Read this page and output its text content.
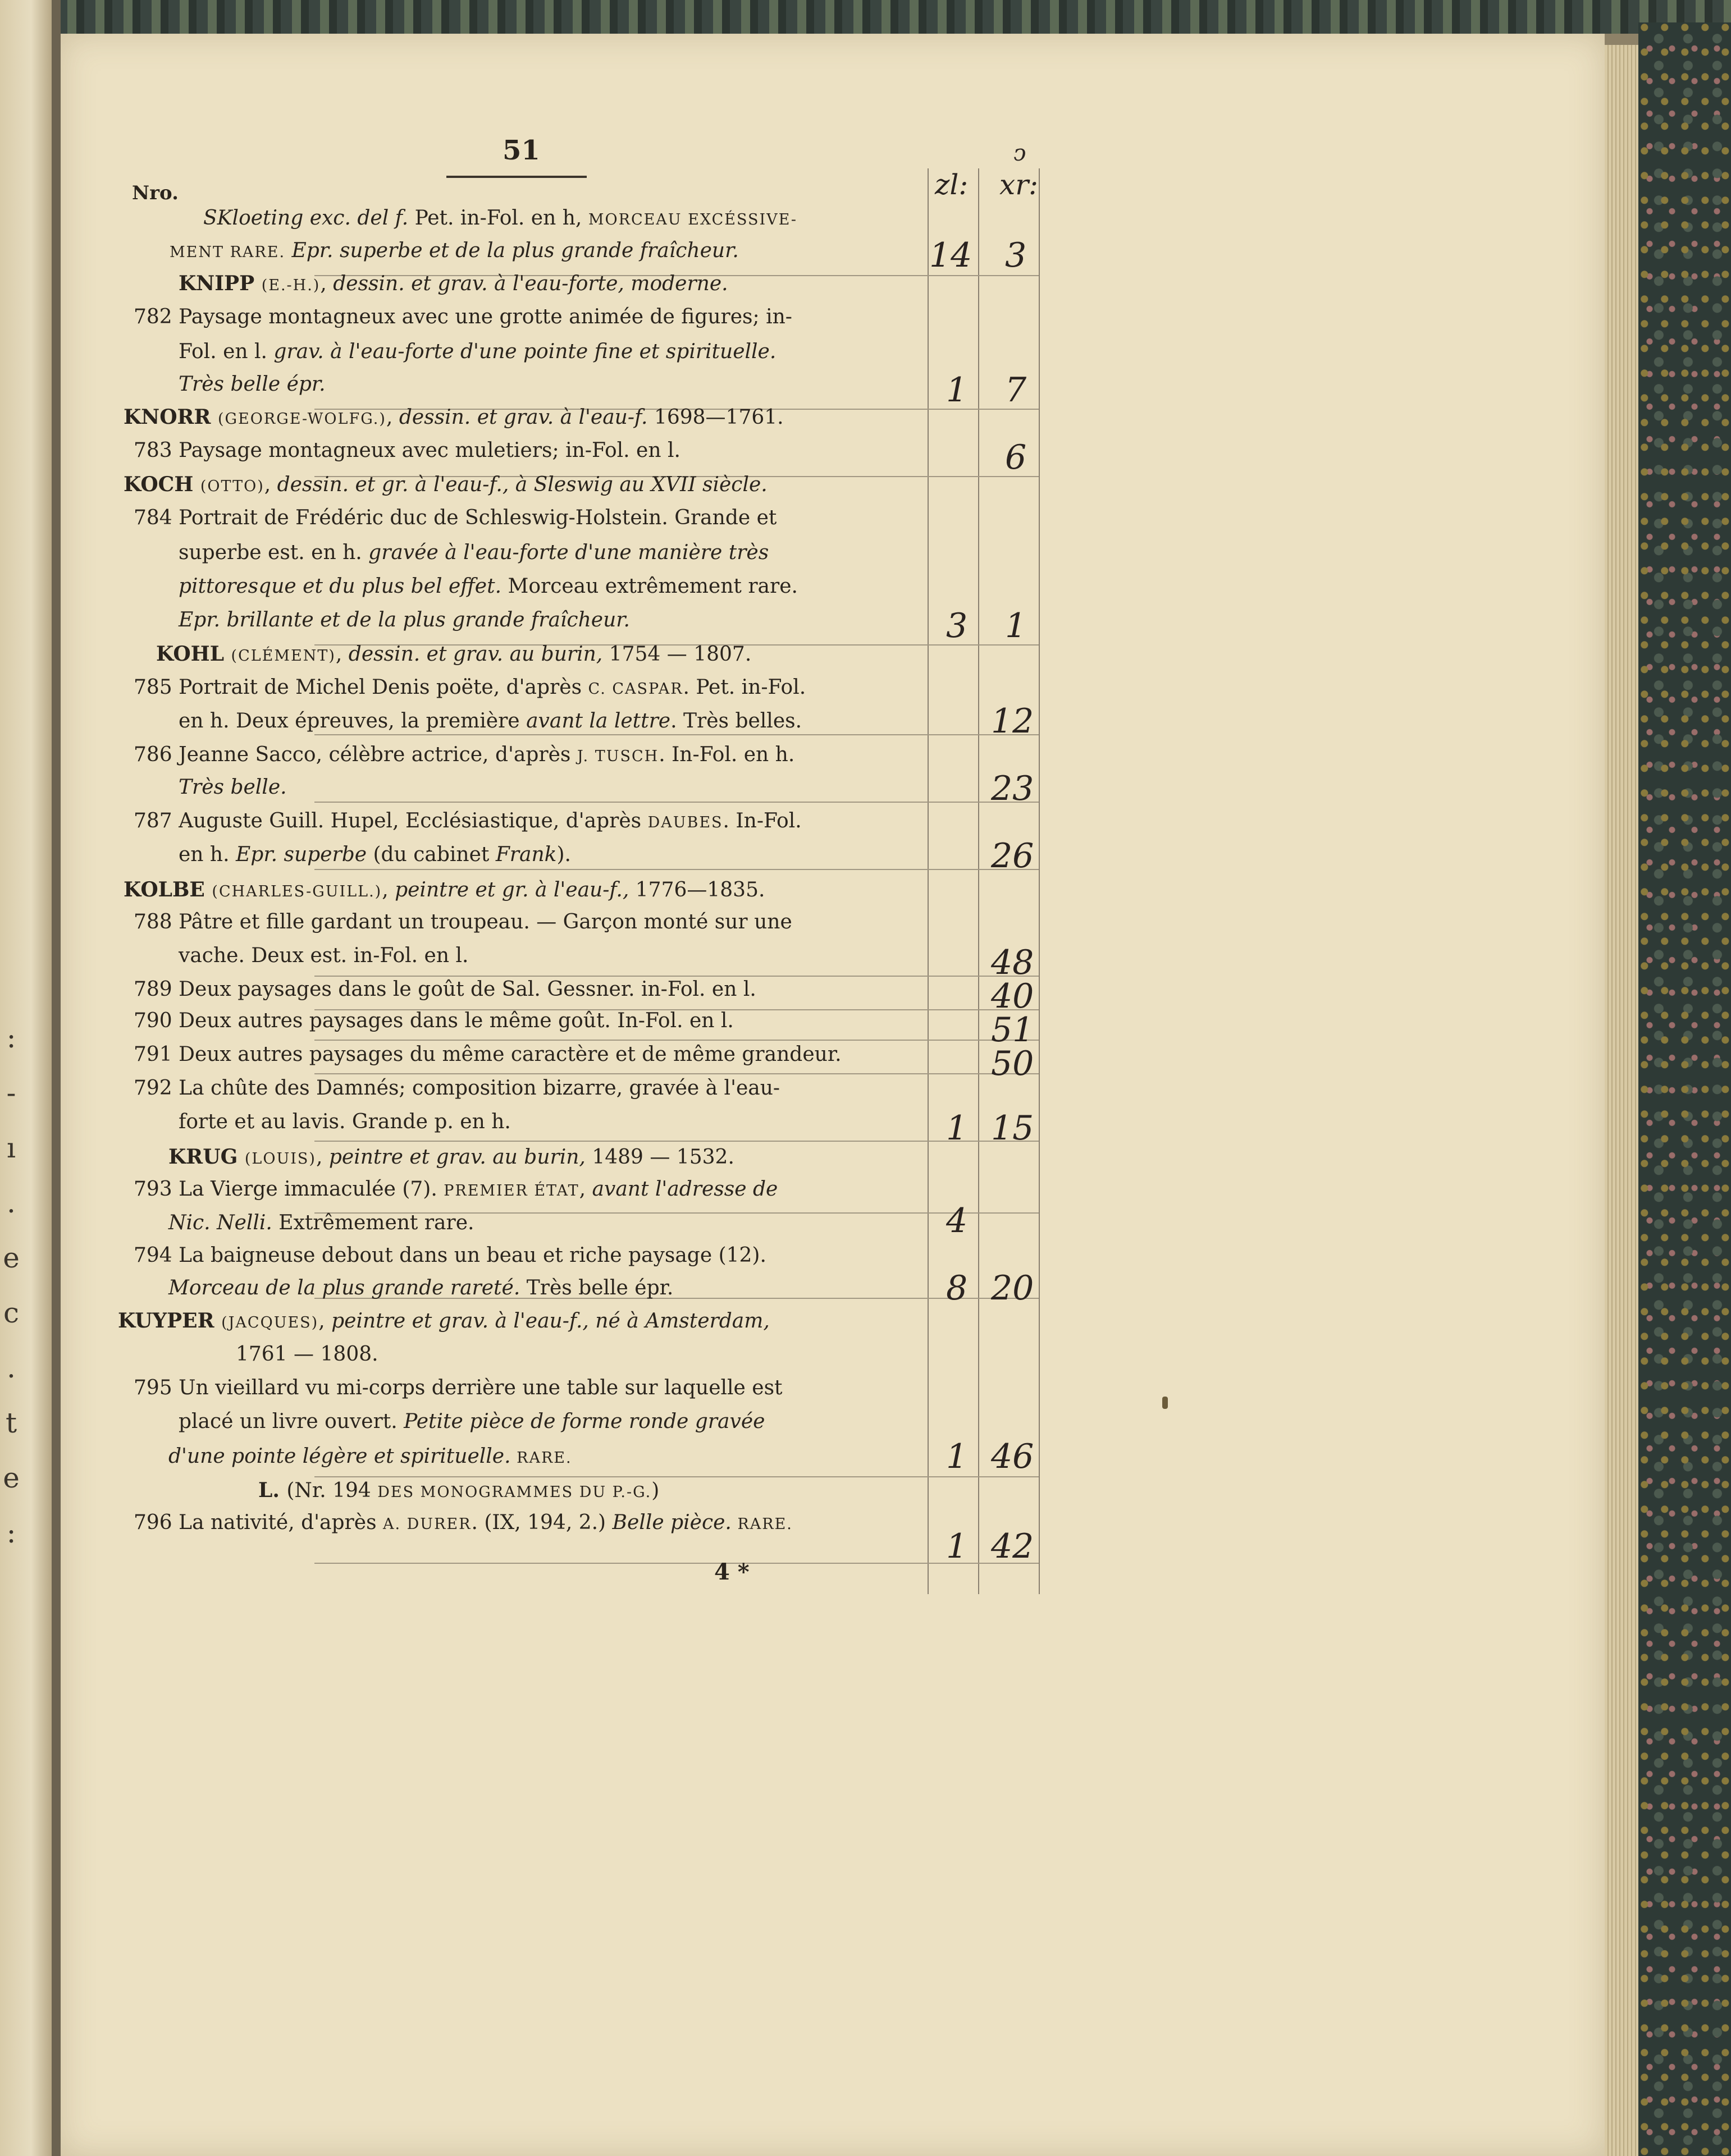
:
-
ı
.
e
c
.
t
e
:
51
Nro.	zl: xr:
ͻ
SKloeting exc. del f. Pet. in-Fol. en h, MORCEAU EXCÉSSIVE-
MENT RARE. Epr. superbe et de la plus grande fraîcheur.
KNIPP (E.-H.), dessin. et grav. à l'eau-forte, moderne.
782 Paysage montagneux avec une grotte animée de figures; in-
Fol. en l. grav. à l'eau-forte d'une pointe fine et spirituelle.
Très belle épr.
KNORR (GEORGE-WOLFG.), dessin. et grav. à l'eau-f. 1698—1761.
783 Paysage montagneux avec muletiers; in-Fol. en l.
KOCH (OTTO), dessin. et gr. à l'eau-f., à Sleswig au XVII siècle.
784 Portrait de Frédéric duc de Schleswig-Holstein. Grande et
superbe est. en h. gravée à l'eau-forte d'une manière très
pittoresque et du plus bel effet. Morceau extrêmement rare.
Epr. brillante et de la plus grande fraîcheur.
KOHL (CLÉMENT), dessin. et grav. au burin, 1754 — 1807.
785 Portrait de Michel Denis poëte, d'après C. CASPAR. Pet. in-Fol.
en h. Deux épreuves, la première avant la lettre. Très belles.
786 Jeanne Sacco, célèbre actrice, d'après J. TUSCH. In-Fol. en h.
Très belle.
787 Auguste Guill. Hupel, Ecclésiastique, d'après DAUBES. In-Fol.
en h. Epr. superbe (du cabinet Frank).
KOLBE (CHARLES-GUILL.), peintre et gr. à l'eau-f., 1776—1835.
788 Pâtre et fille gardant un troupeau. — Garçon monté sur une
vache. Deux est. in-Fol. en l.
789 Deux paysages dans le goût de Sal. Gessner. in-Fol. en l.
790 Deux autres paysages dans le même goût. In-Fol. en l.
791 Deux autres paysages du même caractère et de même grandeur.
792 La chûte des Damnés; composition bizarre, gravée à l'eau-
forte et au lavis. Grande p. en h.
KRUG (LOUIS), peintre et grav. au burin, 1489 — 1532.
793 La Vierge immaculée (7). PREMIER ÉTAT, avant l'adresse de
Nic. Nelli. Extrêmement rare.
794 La baigneuse debout dans un beau et riche paysage (12).
Morceau de la plus grande rareté. Très belle épr.
KUYPER (JACQUES), peintre et grav. à l'eau-f., né à Amsterdam,
1761 — 1808.
795 Un vieillard vu mi-corps derrière une table sur laquelle est
placé un livre ouvert. Petite pièce de forme ronde gravée
d'une pointe légère et spirituelle. RARE.
L. (Nr. 194 DES MONOGRAMMES DU P.-G.)
796 La nativité, d'après A. DURER. (IX, 194, 2.) Belle pièce. RARE.
14 3
1 7
6
3 1
12
23
26
48
40
51
50
1 15
4
8 20
1 46
1 42
4 *
